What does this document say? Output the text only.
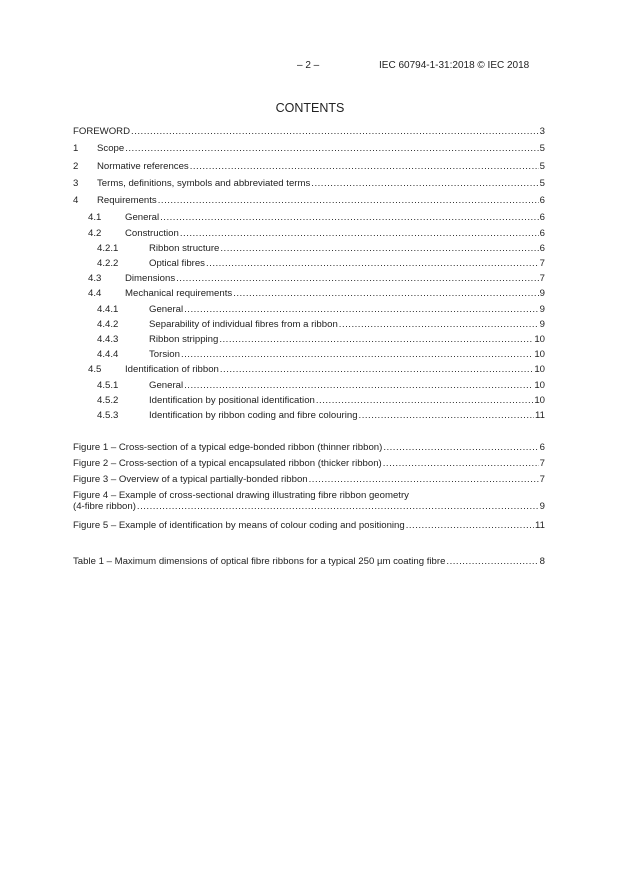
– 2 –	IEC 60794-1-31:2018 © IEC 2018
CONTENTS
FOREWORD .....	3
1	Scope .....	5
2	Normative references .....	5
3	Terms, definitions, symbols and abbreviated terms .....	5
4	Requirements .....	6
4.1	General .....	6
4.2	Construction .....	6
4.2.1	Ribbon structure .....	6
4.2.2	Optical fibres .....	7
4.3	Dimensions .....	7
4.4	Mechanical requirements .....	9
4.4.1	General .....	9
4.4.2	Separability of individual fibres from a ribbon .....	9
4.4.3	Ribbon stripping .....	10
4.4.4	Torsion .....	10
4.5	Identification of ribbon .....	10
4.5.1	General .....	10
4.5.2	Identification by positional identification .....	10
4.5.3	Identification by ribbon coding and fibre colouring .....	11
Figure 1 – Cross-section of a typical edge-bonded ribbon (thinner ribbon) .....	6
Figure 2 – Cross-section of a typical encapsulated ribbon (thicker ribbon) .....	7
Figure 3 – Overview of a typical partially-bonded ribbon .....	7
Figure 4 – Example of cross-sectional drawing illustrating fibre ribbon geometry
(4-fibre ribbon) .....	9
Figure 5 – Example of identification by means of colour coding and positioning .....	11
Table 1 – Maximum dimensions of optical fibre ribbons for a typical 250 µm coating fibre .....	8
